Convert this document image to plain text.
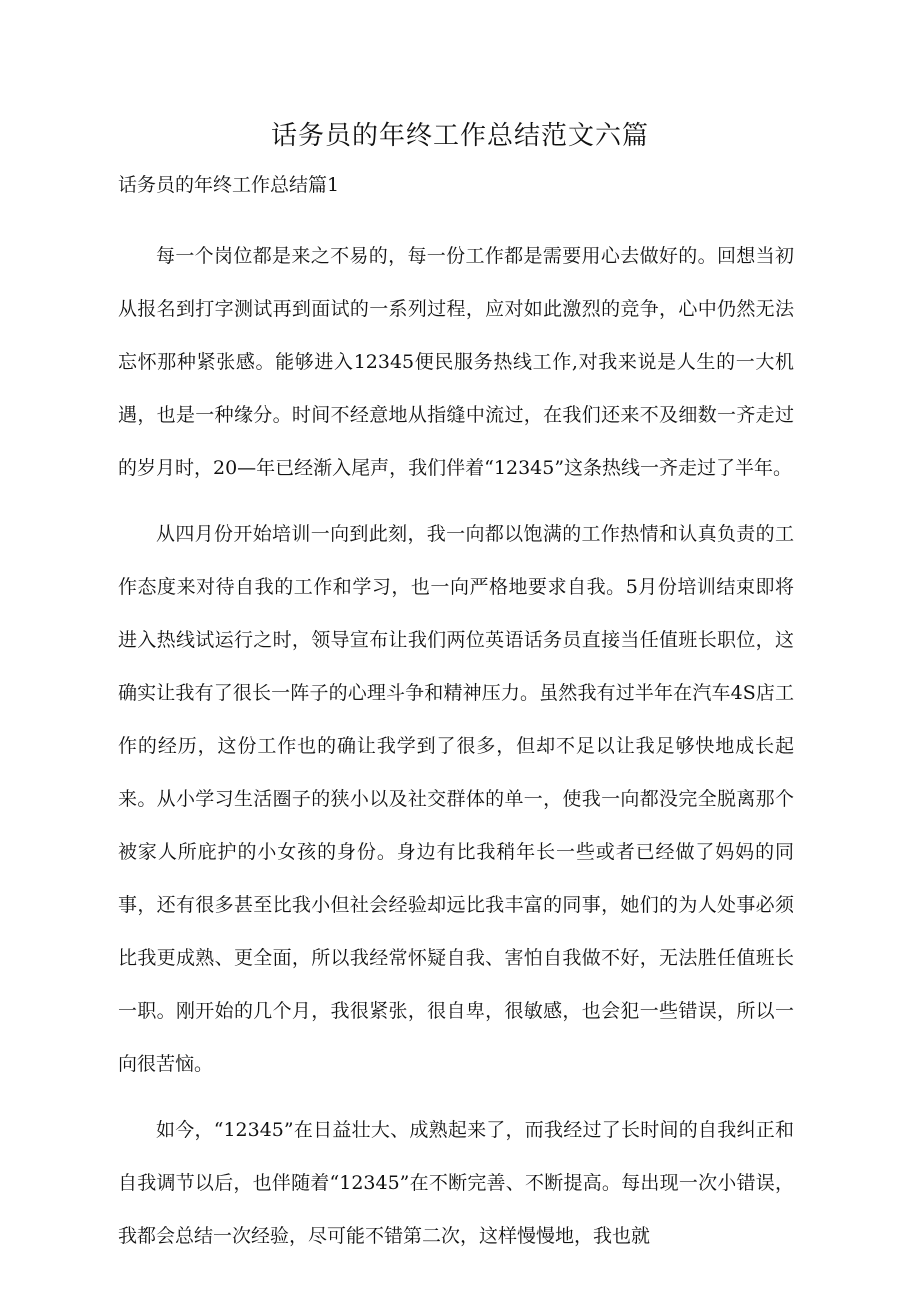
话务员的年终工作总结范文六篇
话务员的年终工作总结篇1

每一个岗位都是来之不易的，每一份工作都是需要用心去做好的。回想当初从报名到打字测试再到面试的一系列过程，应对如此激烈的竞争，心中仍然无法忘怀那种紧张感。能够进入12345便民服务热线工作,对我来说是人生的一大机遇，也是一种缘分。时间不经意地从指缝中流过，在我们还来不及细数一齐走过的岁月时，20—年已经渐入尾声，我们伴着“12345”这条热线一齐走过了半年。

从四月份开始培训一向到此刻，我一向都以饱满的工作热情和认真负责的工作态度来对待自我的工作和学习，也一向严格地要求自我。5月份培训结束即将进入热线试运行之时，领导宣布让我们两位英语话务员直接当任值班长职位，这确实让我有了很长一阵子的心理斗争和精神压力。虽然我有过半年在汽车4S店工作的经历，这份工作也的确让我学到了很多，但却不足以让我足够快地成长起来。从小学习生活圈子的狭小以及社交群体的单一，使我一向都没完全脱离那个被家人所庇护的小女孩的身份。身边有比我稍年长一些或者已经做了妈妈的同事，还有很多甚至比我小但社会经验却远比我丰富的同事，她们的为人处事必须比我更成熟、更全面，所以我经常怀疑自我、害怕自我做不好，无法胜任值班长一职。刚开始的几个月，我很紧张，很自卑，很敏感，也会犯一些错误，所以一向很苦恼。

如今，“12345”在日益壮大、成熟起来了，而我经过了长时间的自我纠正和自我调节以后，也伴随着“12345”在不断完善、不断提高。每出现一次小错误，我都会总结一次经验，尽可能不错第二次，这样慢慢地，我也就
